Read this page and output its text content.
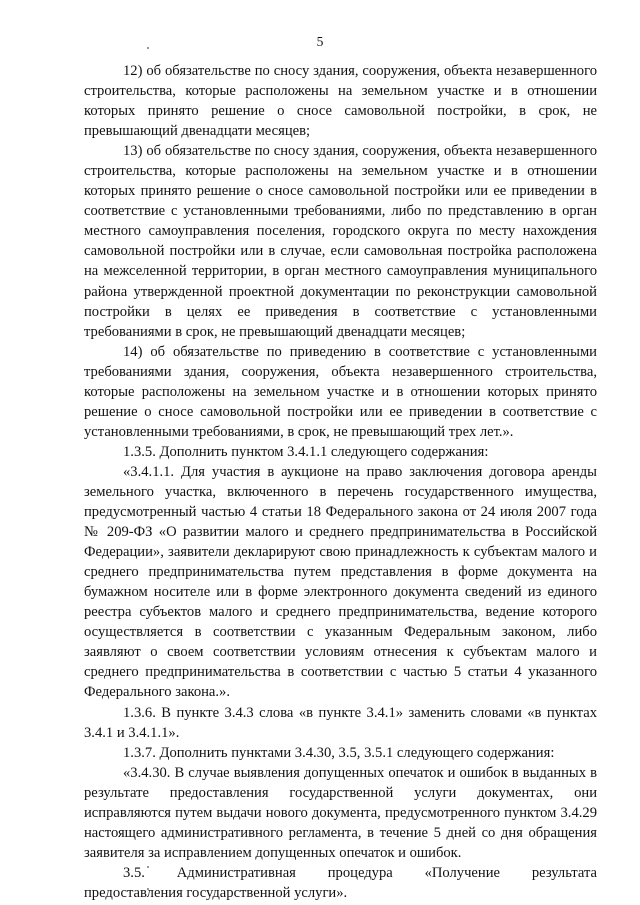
5

12) об обязательстве по сносу здания, сооружения, объекта незавершенного строительства, которые расположены на земельном участке и в отношении которых принято решение о сносе самовольной постройки, в срок, не превышающий двенадцати месяцев;

13) об обязательстве по сносу здания, сооружения, объекта незавершенного строительства, которые расположены на земельном участке и в отношении которых принято решение о сносе самовольной постройки или ее приведении в соответствие с установленными требованиями, либо по представлению в орган местного самоуправления поселения, городского округа по месту нахождения самовольной постройки или в случае, если самовольная постройка расположена на межселенной территории, в орган местного самоуправления муниципального района утвержденной проектной документации по реконструкции самовольной постройки в целях ее приведения в соответствие с установленными требованиями в срок, не превышающий двенадцати месяцев;

14) об обязательстве по приведению в соответствие с установленными требованиями здания, сооружения, объекта незавершенного строительства, которые расположены на земельном участке и в отношении которых принято решение о сносе самовольной постройки или ее приведении в соответствие с установленными требованиями, в срок, не превышающий трех лет.».

1.3.5. Дополнить пунктом 3.4.1.1 следующего содержания:

«3.4.1.1. Для участия в аукционе на право заключения договора аренды земельного участка, включенного в перечень государственного имущества, предусмотренный частью 4 статьи 18 Федерального закона от 24 июля 2007 года № 209-ФЗ «О развитии малого и среднего предпринимательства в Российской Федерации», заявители декларируют свою принадлежность к субъектам малого и среднего предпринимательства путем представления в форме документа на бумажном носителе или в форме электронного документа сведений из единого реестра субъектов малого и среднего предпринимательства, ведение которого осуществляется в соответствии с указанным Федеральным законом, либо заявляют о своем соответствии условиям отнесения к субъектам малого и среднего предпринимательства в соответствии с частью 5 статьи 4 указанного Федерального закона.».

1.3.6. В пункте 3.4.3 слова «в пункте 3.4.1» заменить словами «в пунктах 3.4.1 и 3.4.1.1».

1.3.7. Дополнить пунктами 3.4.30, 3.5, 3.5.1 следующего содержания:

«3.4.30. В случае выявления допущенных опечаток и ошибок в выданных в результате предоставления государственной услуги документах, они исправляются путем выдачи нового документа, предусмотренного пунктом 3.4.29 настоящего административного регламента, в течение 5 дней со дня обращения заявителя за исправлением допущенных опечаток и ошибок.

3.5. Административная процедура «Получение результата

предоставления государственной услуги».
